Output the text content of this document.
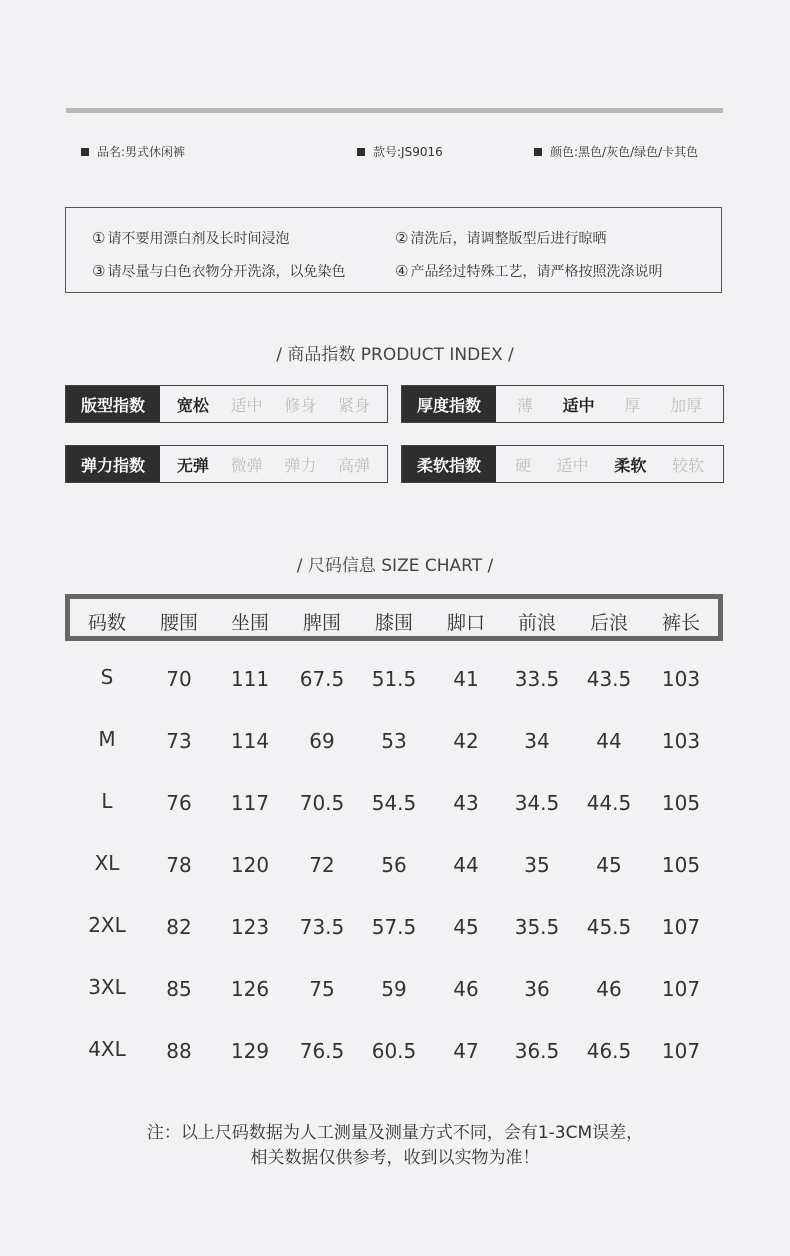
品名:男式休闲裤	款号:JS9016	颜色:黑色/灰色/绿色/卡其色
① 请不要用漂白剂及长时间浸泡	② 清洗后，请调整版型后进行晾晒
③ 请尽量与白色衣物分开洗涤，以免染色	④ 产品经过特殊工艺，请严格按照洗涤说明
/ 商品指数 PRODUCT INDEX /
版型指数	宽松 适中 修身 紧身	厚度指数	薄 适中 厚 加厚
弹力指数	无弹 微弹 弹力 高弹	柔软指数	硬 适中 柔软 较软
/ 尺码信息 SIZE CHART /
码数	腰围	坐围	脾围	膝围	脚口	前浪	后浪	裤长
S	70	111	67.5	51.5	41	33.5	43.5	103
M	73	114	69	53	42	34	44	103
L	76	117	70.5	54.5	43	34.5	44.5	105
XL	78	120	72	56	44	35	45	105
2XL	82	123	73.5	57.5	45	35.5	45.5	107
3XL	85	126	75	59	46	36	46	107
4XL	88	129	76.5	60.5	47	36.5	46.5	107
注：以上尺码数据为人工测量及测量方式不同，会有1-3CM误差，
相关数据仅供参考，收到以实物为准！
